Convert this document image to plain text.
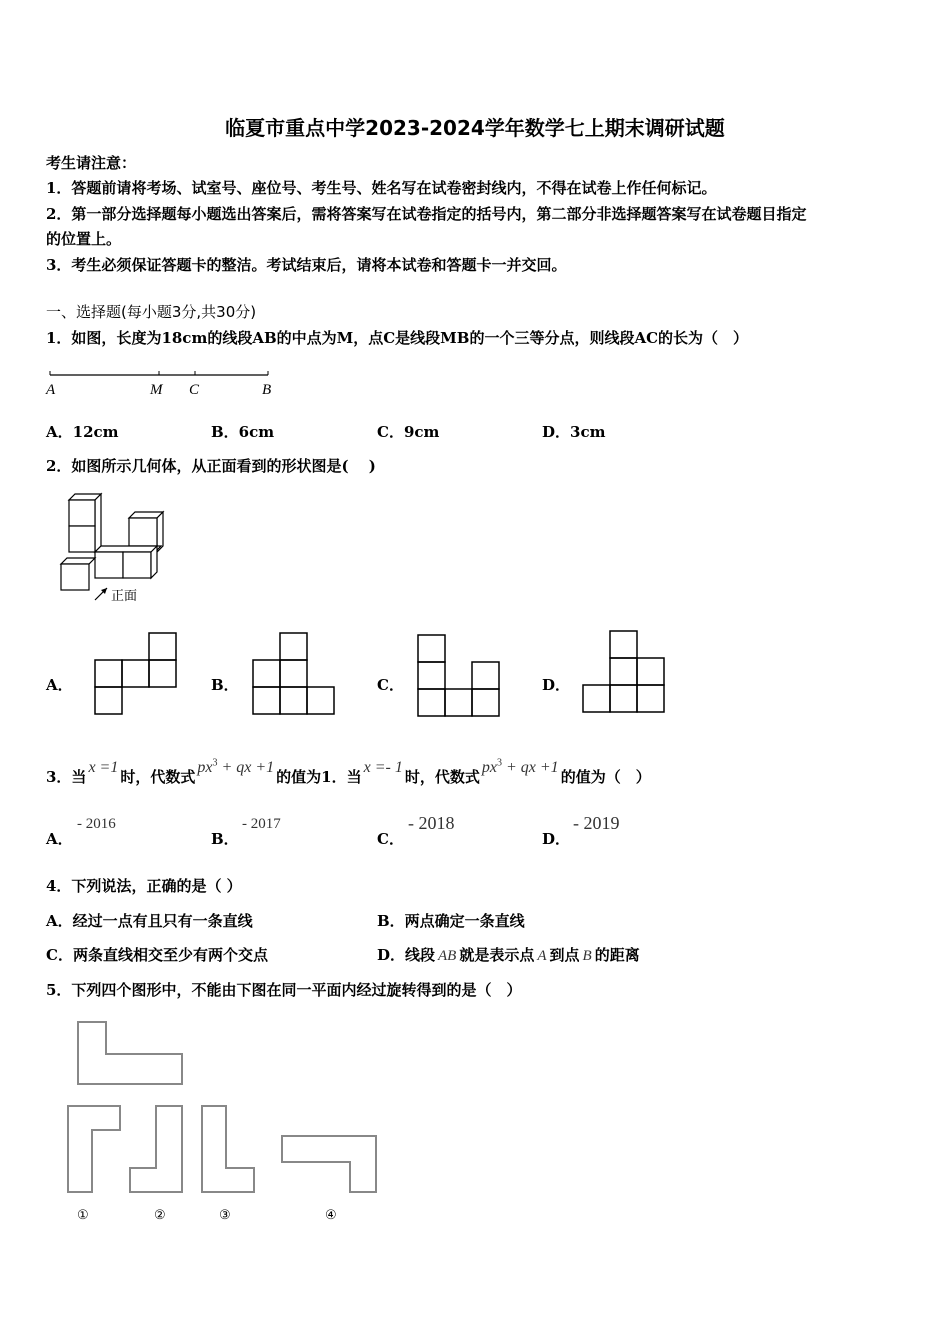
临夏市重点中学2023-2024学年数学七上期末调研试题
考生请注意：
1．答题前请将考场、试室号、座位号、考生号、姓名写在试卷密封线内，不得在试卷上作任何标记。
2．第一部分选择题每小题选出答案后，需将答案写在试卷指定的括号内，第二部分非选择题答案写在试卷题目指定
的位置上。
3．考生必须保证答题卡的整洁。考试结束后，请将本试卷和答题卡一并交回。
一、选择题(每小题3分,共30分)
1．如图，长度为18cm的线段AB的中点为M，点C是线段MB的一个三等分点，则线段AC的长为（　）
A	M C	B
A．12cm	B．6cm	C．9cm	D．3cm
2．如图所示几何体，从正面看到的形状图是(　 )
正面
A．	B．	C．	D．
3．当x =1时，代数式$px^3$ + qx +1的值为1．当x =- 1时，代数式$px^3$ + qx +1的值为（　）
A．
- 2016
B．
- 2017
C．
- 2018
D．
- 2019
4．下列说法，正确的是（ ）
A．经过一点有且只有一条直线	B．两点确定一条直线
C．两条直线相交至少有两个交点	D．线段 AB 就是表示点 A 到点 B 的距离
5．下列四个图形中，不能由下图在同一平面内经过旋转得到的是（　）
①	②	③	④
